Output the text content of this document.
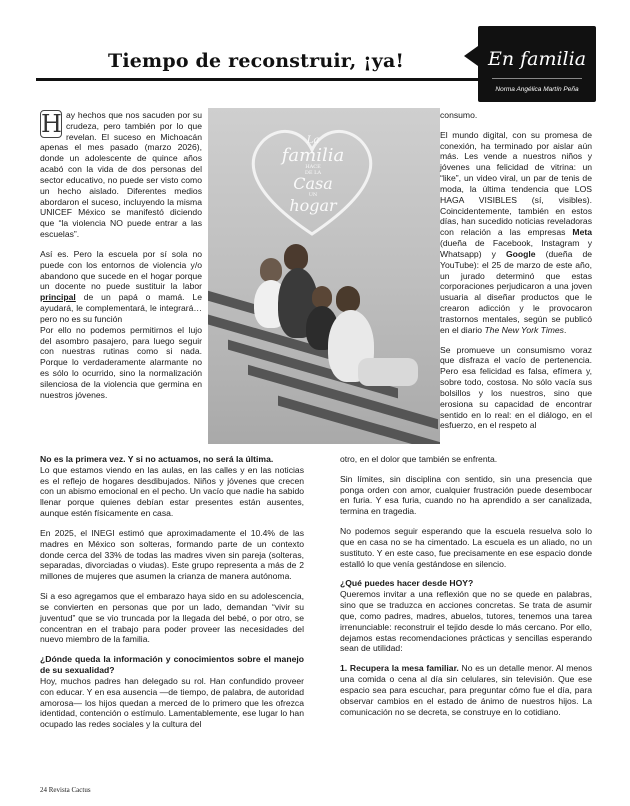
Tiempo de reconstruir, ¡ya!	En familia
Norma Angélica Martín Peña
La
familia
HACE
DE LA
Casa
UN
hogar

H ay hechos que nos sacuden por su crudeza, pero también por lo que revelan. El suceso en Michoacán apenas el mes pasado (marzo 2026), donde un adolescente de quince años acabó con la vida de dos personas del sector educativo, no puede ser visto como un hecho aislado. Diferentes medios abordaron el suceso, incluyendo la misma UNICEF México se manifestó diciendo que “la violencia NO puede entrar a las escuelas”.

Así es. Pero la escuela por sí sola no puede con los entornos de violencia y/o abandono que sucede en el hogar porque un docente no puede sustituir la labor principal de un papá o mamá. Le ayudará, le complementará, le integrará… pero no es su función
Por ello no podemos permitirnos el lujo del asombro pasajero, para luego seguir con nuestras rutinas como si nada. Porque lo verdaderamente alarmante no es sólo lo ocurrido, sino la normalización silenciosa de la violencia que germina en nuestros jóvenes.

No es la primera vez. Y si no actuamos, no será la última.
Lo que estamos viendo en las aulas, en las calles y en las noticias es el reflejo de hogares desdibujados. Niños y jóvenes que crecen con un abismo emocional en el pecho. Un vacío que nadie ha sabido llenar porque quienes debían estar presentes están ausentes, aunque estén físicamente en casa.

En 2025, el INEGI estimó que aproximadamente el 10.4% de las madres en México son solteras, formando parte de un contexto donde cerca del 33% de todas las madres viven sin pareja (solteras, separadas, divorciadas o viudas). Este grupo representa a más de 2 millones de mujeres que asumen la crianza de manera autónoma.

Si a eso agregamos que el embarazo haya sido en su adolescencia, se convierten en personas que por un lado, demandan “vivir su juventud” que se vio truncada por la llegada del bebé, o por otro, se concentran en el trabajo para poder proveer las necesidades del nuevo miembro de la familia.

¿Dónde queda la información y conocimientos sobre el manejo de su sexualidad?
Hoy, muchos padres han delegado su rol. Han confundido proveer con educar. Y en esa ausencia —de tiempo, de palabra, de autoridad amorosa— los hijos quedan a merced de lo primero que les ofrezca identidad, contención o estímulo. Lamentablemente, ese lugar lo han ocupado las redes sociales y la cultura del

consumo.

El mundo digital, con su promesa de conexión, ha terminado por aislar aún más. Les vende a nuestros niños y jóvenes una felicidad de vitrina: un “like”, un video viral, un par de tenis de moda, la última tendencia que LOS HAGA VISIBLES (sí, visibles). Coincidentemente, también en estos días, han sucedido noticias reveladoras con relación a las empresas Meta (dueña de Facebook, Instagram y Whatsapp) y Google (dueña de YouTube): el 25 de marzo de este año, un jurado determinó que estas corporaciones perjudicaron a una joven usuaria al diseñar productos que le crearon adicción y le provocaron trastornos mentales, según se publicó en el diario The New York Times.

Se promueve un consumismo voraz que disfraza el vacío de pertenencia. Pero esa felicidad es falsa, efímera y, sobre todo, costosa. No sólo vacía sus bolsillos y los nuestros, sino que erosiona su capacidad de encontrar sentido en lo real: en el diálogo, en el esfuerzo, en el respeto al

otro, en el dolor que también se enfrenta.

Sin límites, sin disciplina con sentido, sin una presencia que ponga orden con amor, cualquier frustración puede desembocar en furia. Y esa furia, cuando no ha aprendido a ser canalizada, termina en tragedia.

No podemos seguir esperando que la escuela resuelva solo lo que en casa no se ha cimentado. La escuela es un aliado, no un sustituto. Y en este caso, fue precisamente en ese espacio donde estalló lo que venía gestándose en silencio.

¿Qué puedes hacer desde HOY?
Queremos invitar a una reflexión que no se quede en palabras, sino que se traduzca en acciones concretas. Se trata de asumir que, como padres, madres, abuelos, tutores, tenemos una tarea irrenunciable: reconstruir el tejido desde lo más cercano. Por ello, dejamos estas recomendaciones prácticas y sencillas esperando sean de utilidad:

1. Recupera la mesa familiar. No es un detalle menor. Al menos una comida o cena al día sin celulares, sin televisión. Que ese espacio sea para escuchar, para preguntar cómo fue el día, para observar cambios en el estado de ánimo de nuestros hijos. La comunicación no se decreta, se construye en lo cotidiano.

24 Revista Cactus
